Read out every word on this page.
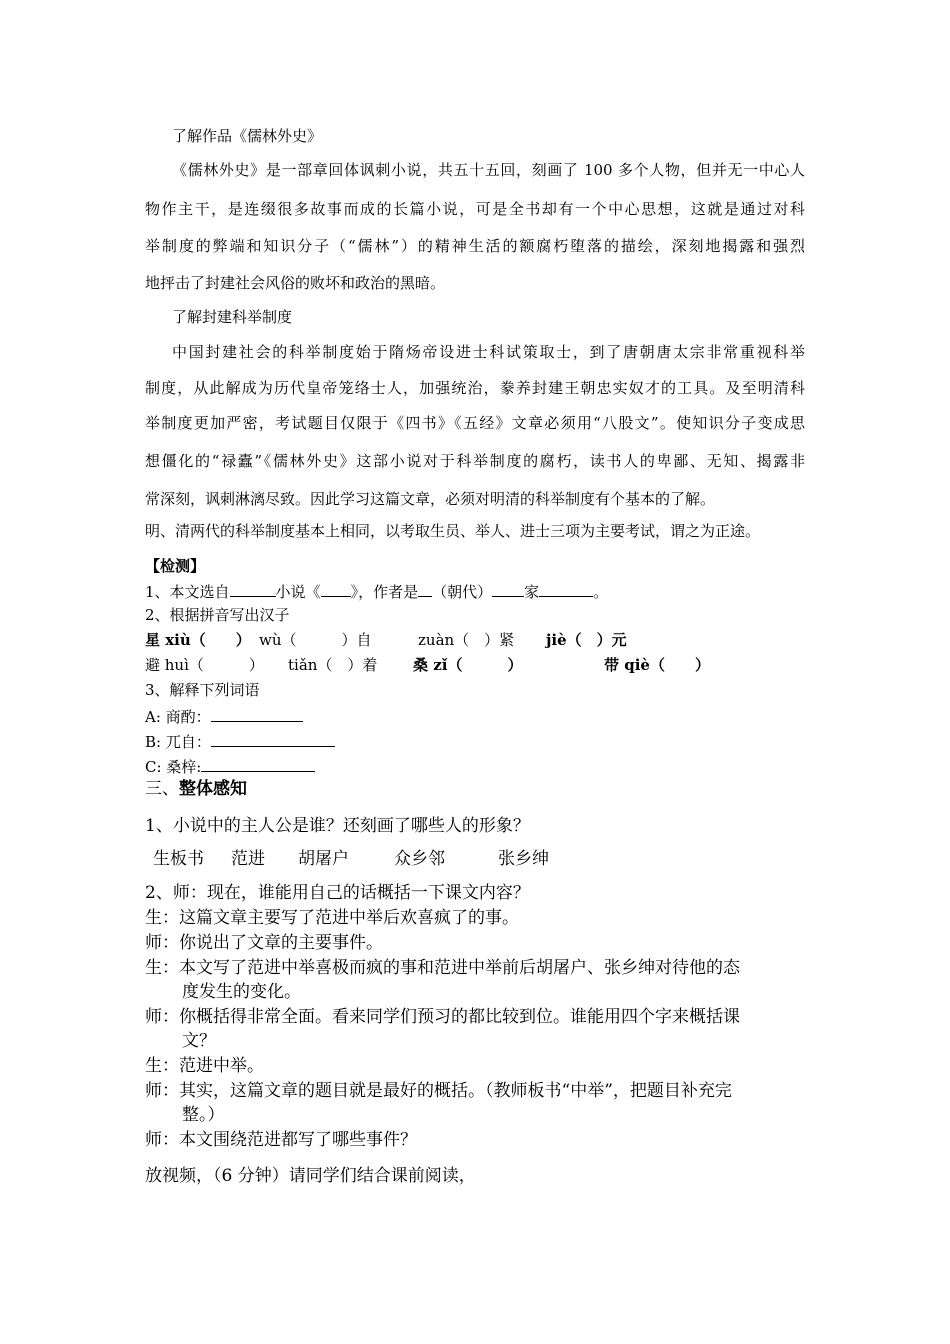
了解作品《儒林外史》
《儒林外史》是一部章回体讽刺小说，共五十五回，刻画了 100 多个人物，但并无一中心人
物作主干，是连缀很多故事而成的长篇小说，可是全书却有一个中心思想，这就是通过对科
举制度的弊端和知识分子（“儒林”）的精神生活的额腐朽堕落的描绘，深刻地揭露和强烈
地抨击了封建社会风俗的败坏和政治的黑暗。
了解封建科举制度
中国封建社会的科举制度始于隋炀帝设进士科试策取士，到了唐朝唐太宗非常重视科举
制度，从此解成为历代皇帝笼络士人，加强统治，豢养封建王朝忠实奴才的工具。及至明清科
举制度更加严密，考试题目仅限于《四书》《五经》文章必须用“八股文”。使知识分子变成思
想僵化的“禄蠹”《儒林外史》这部小说对于科举制度的腐朽，读书人的卑鄙、无知、揭露非
常深刻，讽刺淋漓尽致。因此学习这篇文章，必须对明清的科举制度有个基本的了解。
明、清两代的科举制度基本上相同，以考取生员、举人、进士三项为主要考试，谓之为正途。
【检测】
1、本文选自	小说《 》，作者是 （朝代） 家	。
2、根据拼音写出汉子
星 xiù（　　） wù（　　　）自	zuàn（　）紧 jiè（　）元
避 huì（　　　） tiǎn（　）着 桑 zǐ（　　　）	带 qiè（　　）
3、解释下列词语
A: 商酌：
B: 兀自：
C: 桑梓:
三、整体感知
1、小说中的主人公是谁？还刻画了哪些人的形象？
生板书 范进 胡屠户	众乡邻	张乡绅
2、师：现在，谁能用自己的话概括一下课文内容？
生：这篇文章主要写了范进中举后欢喜疯了的事。
师：你说出了文章的主要事件。
生：本文写了范进中举喜极而疯的事和范进中举前后胡屠户、张乡绅对待他的态
度发生的变化。
师：你概括得非常全面。看来同学们预习的都比较到位。谁能用四个字来概括课
文？
生：范进中举。
师：其实，这篇文章的题目就是最好的概括。（教师板书“中举”，把题目补充完
整。）
师：本文围绕范进都写了哪些事件？
放视频，（6 分钟）请同学们结合课前阅读，
